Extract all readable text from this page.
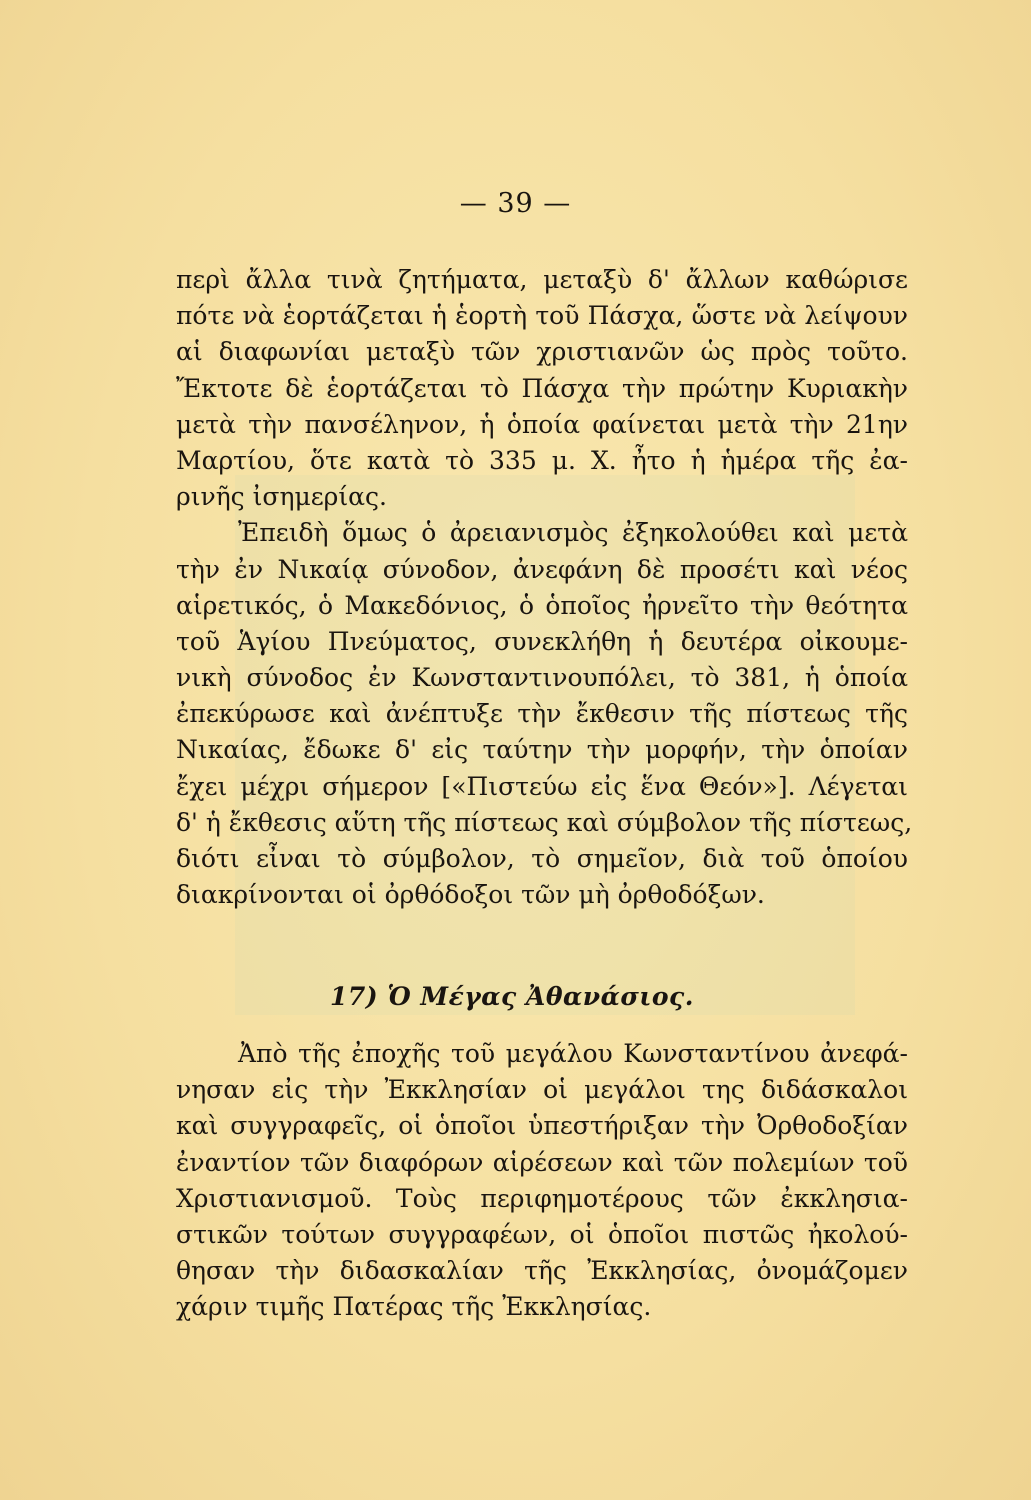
— 39 —
περὶ ἄλλα τινὰ ζητήματα, μεταξὺ δ' ἄλλων καθώρισε
πότε νὰ ἑορτάζεται ἡ ἑορτὴ τοῦ Πάσχα, ὥστε νὰ λείψουν
αἱ διαφωνίαι μεταξὺ τῶν χριστιανῶν ὡς πρὸς τοῦτο.
Ἔκτοτε δὲ ἑορτάζεται τὸ Πάσχα τὴν πρώτην Κυριακὴν
μετὰ τὴν πανσέληνον, ἡ ὁποία φαίνεται μετὰ τὴν 21ην
Μαρτίου, ὅτε κατὰ τὸ 335 μ. Χ. ἦτο ἡ ἡμέρα τῆς ἐα-
ρινῆς ἰσημερίας.
Ἐπειδὴ ὅμως ὁ ἀρειανισμὸς ἐξηκολούθει καὶ μετὰ
τὴν ἐν Νικαίᾳ σύνοδον, ἀνεφάνη δὲ προσέτι καὶ νέος
αἱρετικός, ὁ Μακεδόνιος, ὁ ὁποῖος ἠρνεῖτο τὴν θεότητα
τοῦ Ἁγίου Πνεύματος, συνεκλήθη ἡ δευτέρα οἰκουμε-
νικὴ σύνοδος ἐν Κωνσταντινουπόλει, τὸ 381, ἡ ὁποία
ἐπεκύρωσε καὶ ἀνέπτυξε τὴν ἔκθεσιν τῆς πίστεως τῆς
Νικαίας, ἔδωκε δ' εἰς ταύτην τὴν μορφήν, τὴν ὁποίαν
ἔχει μέχρι σήμερον [«Πιστεύω εἰς ἕνα Θεόν»]. Λέγεται
δ' ἡ ἔκθεσις αὕτη τῆς πίστεως καὶ σύμβολον τῆς πίστεως,
διότι εἶναι τὸ σύμβολον, τὸ σημεῖον, διὰ τοῦ ὁποίου
διακρίνονται οἱ ὀρθόδοξοι τῶν μὴ ὀρθοδόξων.
17) Ὁ Μέγας Ἀθανάσιος.
Ἀπὸ τῆς ἐποχῆς τοῦ μεγάλου Κωνσταντίνου ἀνεφά-
νησαν εἰς τὴν Ἐκκλησίαν οἱ μεγάλοι της διδάσκαλοι
καὶ συγγραφεῖς, οἱ ὁποῖοι ὑπεστήριξαν τὴν Ὀρθοδοξίαν
ἐναντίον τῶν διαφόρων αἱρέσεων καὶ τῶν πολεμίων τοῦ
Χριστιανισμοῦ. Τοὺς περιφημοτέρους τῶν ἐκκλησια-
στικῶν τούτων συγγραφέων, οἱ ὁποῖοι πιστῶς ἠκολού-
θησαν τὴν διδασκαλίαν τῆς Ἐκκλησίας, ὀνομάζομεν
χάριν τιμῆς Πατέρας τῆς Ἐκκλησίας.
